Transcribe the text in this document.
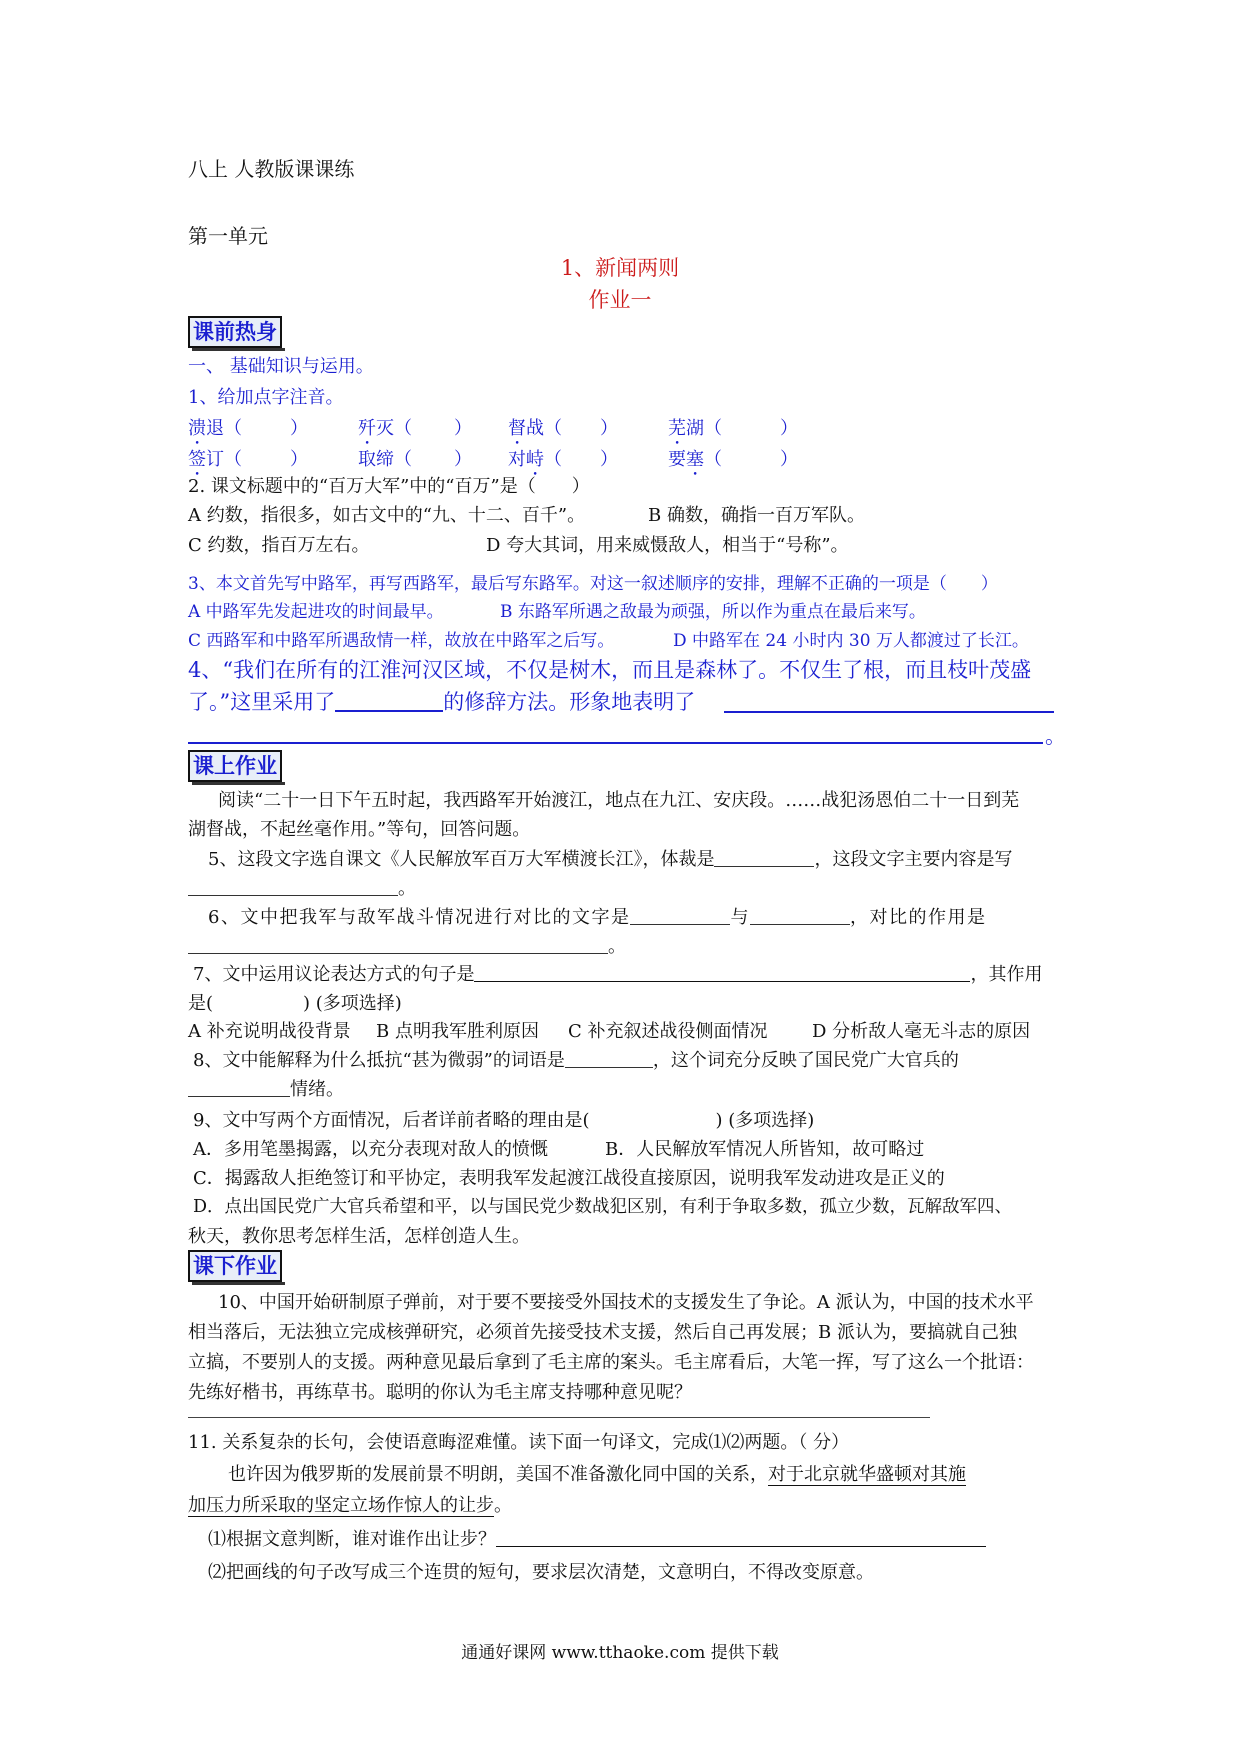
八上 人教版课课练
第一单元
1、新闻两则
作业一
课前热身
一、 基础知识与运用。
1、给加点字注音。
溃退（	）	歼灭（ ） 督战（ ）	芜湖（	）
签订（	）	取缔（ ） 对峙（ ）	要塞（	）
2. 课文标题中的“百万大军”中的“百万”是（　　）
A 约数，指很多，如古文中的“九、十二、百千”。	B 确数，确指一百万军队。
C 约数，指百万左右。	D 夸大其词，用来威慑敌人，相当于“号称”。
3、本文首先写中路军，再写西路军，最后写东路军。对这一叙述顺序的安排，理解不正确的一项是（　　）
A 中路军先发起进攻的时间最早。	B 东路军所遇之敌最为顽强，所以作为重点在最后来写。
C 西路军和中路军所遇敌情一样，故放在中路军之后写。	D 中路军在 24 小时内 30 万人都渡过了长江。
4、“我们在所有的江淮河汉区域，不仅是树木，而且是森林了。不仅生了根，而且枝叶茂盛
了。”这里采用了	的修辞方法。形象地表明了
。
课上作业
阅读“二十一日下午五时起，我西路军开始渡江，地点在九江、安庆段。……战犯汤恩伯二十一日到芜
湖督战，不起丝毫作用。”等句，回答问题。
5、这段文字选自课文《人民解放军百万大军横渡长江》，体裁是	，这段文字主要内容是写
。
6、文中把我军与敌军战斗情况进行对比的文字是	与	，对比的作用是
。
7、文中运用议论表达方式的句子是	，其作用
是(　　　　　) (多项选择)
A 补充说明战役背景 B 点明我军胜利原因 C 补充叙述战役侧面情况 D 分析敌人毫无斗志的原因
8、文中能解释为什么抵抗“甚为微弱”的词语是	，这个词充分反映了国民党广大官兵的
情绪。
9、文中写两个方面情况，后者详前者略的理由是(　　　　　　　) (多项选择)
A．多用笔墨揭露，以充分表现对敌人的愤慨	B．人民解放军情况人所皆知，故可略过
C．揭露敌人拒绝签订和平协定，表明我军发起渡江战役直接原因，说明我军发动进攻是正义的
D．点出国民党广大官兵希望和平，以与国民党少数战犯区别，有利于争取多数，孤立少数，瓦解敌军四、
秋天，教你思考怎样生活，怎样创造人生。
课下作业
10、中国开始研制原子弹前，对于要不要接受外国技术的支援发生了争论。A 派认为，中国的技术水平
相当落后，无法独立完成核弹研究，必须首先接受技术支援，然后自己再发展；B 派认为，要搞就自己独
立搞，不要别人的支援。两种意见最后拿到了毛主席的案头。毛主席看后，大笔一挥，写了这么一个批语：
先练好楷书，再练草书。聪明的你认为毛主席支持哪种意见呢？
11. 关系复杂的长句，会使语意晦涩难懂。读下面一句译文，完成⑴⑵两题。（ 分）
也许因为俄罗斯的发展前景不明朗，美国不准备激化同中国的关系，对于北京就华盛顿对其施
加压力所采取的坚定立场作惊人的让步。
⑴根据文意判断，谁对谁作出让步？
⑵把画线的句子改写成三个连贯的短句，要求层次清楚，文意明白，不得改变原意。
通通好课网 www.tthaoke.com 提供下载
